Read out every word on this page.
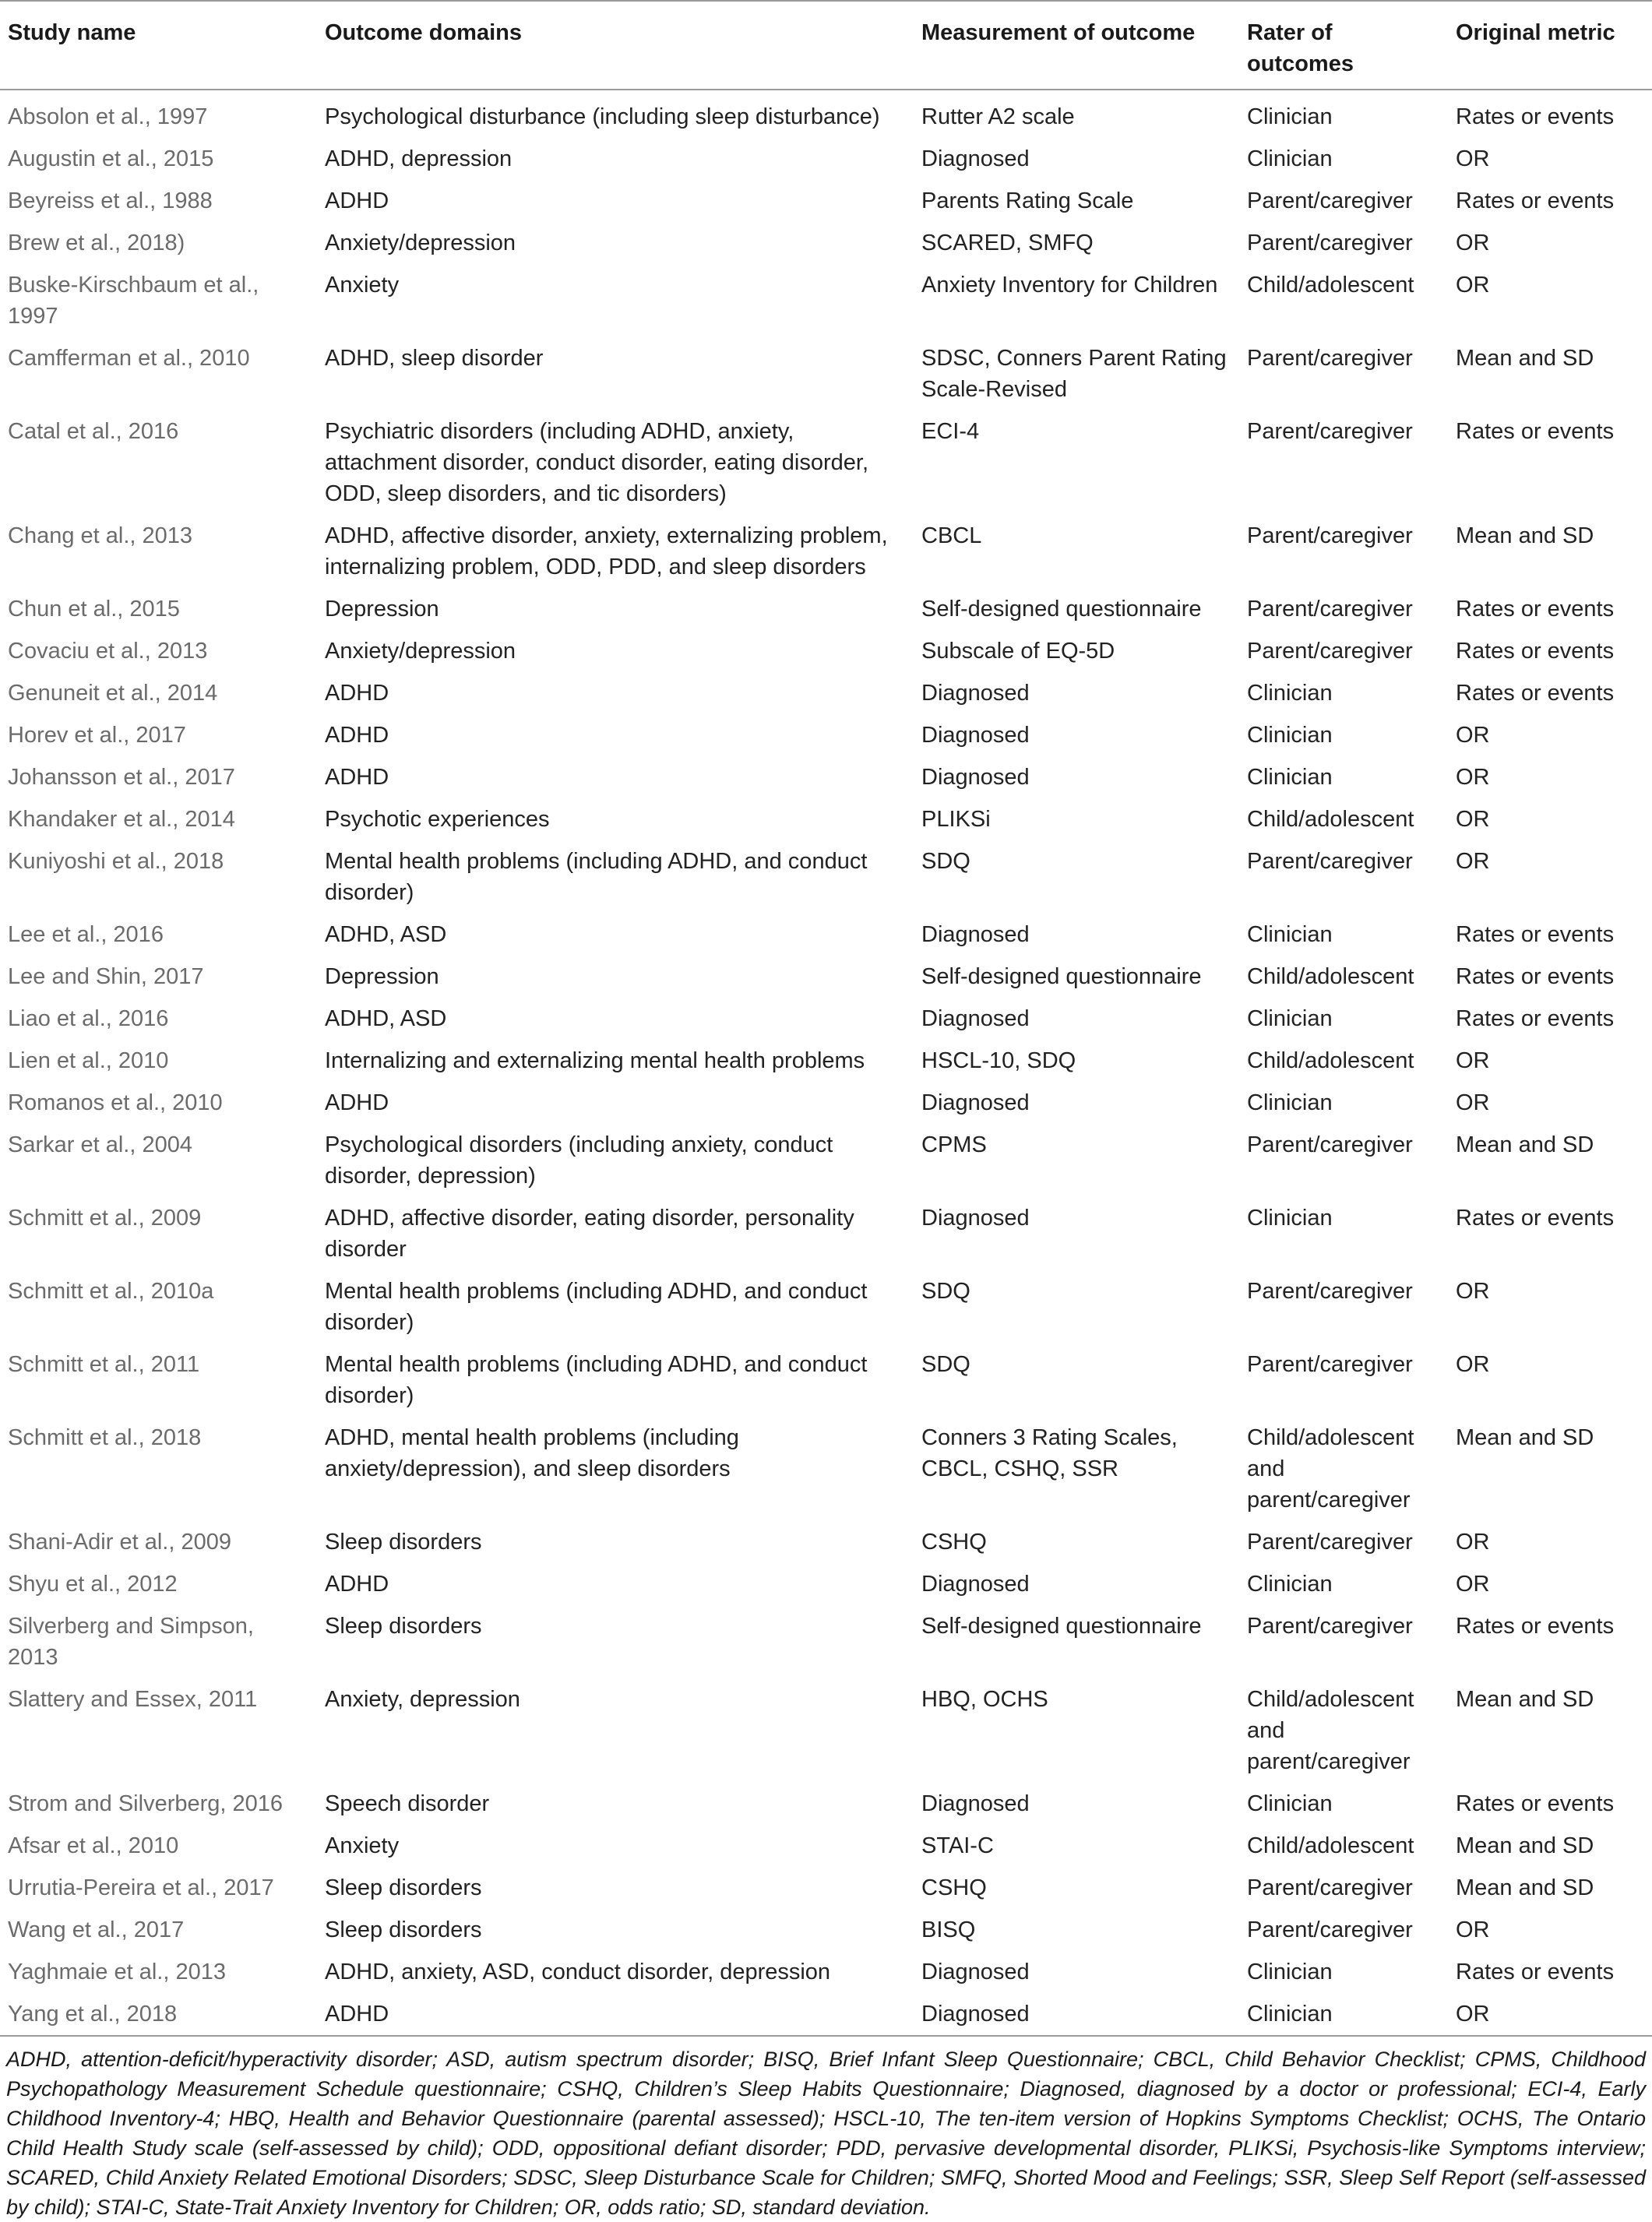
Study name	Outcome domains	Measurement of outcome	Rater of outcomes	Original metric
Absolon et al., 1997	Psychological disturbance (including sleep disturbance)	Rutter A2 scale	Clinician	Rates or events
Augustin et al., 2015	ADHD, depression	Diagnosed	Clinician	OR
Beyreiss et al., 1988	ADHD	Parents Rating Scale	Parent/caregiver	Rates or events
Brew et al., 2018)	Anxiety/depression	SCARED, SMFQ	Parent/caregiver	OR
Buske-Kirschbaum et al., 1997	Anxiety	Anxiety Inventory for Children	Child/adolescent	OR
Camfferman et al., 2010	ADHD, sleep disorder	SDSC, Conners Parent Rating Scale-Revised	Parent/caregiver	Mean and SD
Catal et al., 2016	Psychiatric disorders (including ADHD, anxiety, attachment disorder, conduct disorder, eating disorder, ODD, sleep disorders, and tic disorders)	ECI-4	Parent/caregiver	Rates or events
Chang et al., 2013	ADHD, affective disorder, anxiety, externalizing problem, internalizing problem, ODD, PDD, and sleep disorders	CBCL	Parent/caregiver	Mean and SD
Chun et al., 2015	Depression	Self-designed questionnaire	Parent/caregiver	Rates or events
Covaciu et al., 2013	Anxiety/depression	Subscale of EQ-5D	Parent/caregiver	Rates or events
Genuneit et al., 2014	ADHD	Diagnosed	Clinician	Rates or events
Horev et al., 2017	ADHD	Diagnosed	Clinician	OR
Johansson et al., 2017	ADHD	Diagnosed	Clinician	OR
Khandaker et al., 2014	Psychotic experiences	PLIKSi	Child/adolescent	OR
Kuniyoshi et al., 2018	Mental health problems (including ADHD, and conduct disorder)	SDQ	Parent/caregiver	OR
Lee et al., 2016	ADHD, ASD	Diagnosed	Clinician	Rates or events
Lee and Shin, 2017	Depression	Self-designed questionnaire	Child/adolescent	Rates or events
Liao et al., 2016	ADHD, ASD	Diagnosed	Clinician	Rates or events
Lien et al., 2010	Internalizing and externalizing mental health problems	HSCL-10, SDQ	Child/adolescent	OR
Romanos et al., 2010	ADHD	Diagnosed	Clinician	OR
Sarkar et al., 2004	Psychological disorders (including anxiety, conduct disorder, depression)	CPMS	Parent/caregiver	Mean and SD
Schmitt et al., 2009	ADHD, affective disorder, eating disorder, personality disorder	Diagnosed	Clinician	Rates or events
Schmitt et al., 2010a	Mental health problems (including ADHD, and conduct disorder)	SDQ	Parent/caregiver	OR
Schmitt et al., 2011	Mental health problems (including ADHD, and conduct disorder)	SDQ	Parent/caregiver	OR
Schmitt et al., 2018	ADHD, mental health problems (including anxiety/depression), and sleep disorders	Conners 3 Rating Scales, CBCL, CSHQ, SSR	Child/adolescent and parent/caregiver	Mean and SD
Shani-Adir et al., 2009	Sleep disorders	CSHQ	Parent/caregiver	OR
Shyu et al., 2012	ADHD	Diagnosed	Clinician	OR
Silverberg and Simpson, 2013	Sleep disorders	Self-designed questionnaire	Parent/caregiver	Rates or events
Slattery and Essex, 2011	Anxiety, depression	HBQ, OCHS	Child/adolescent and parent/caregiver	Mean and SD
Strom and Silverberg, 2016	Speech disorder	Diagnosed	Clinician	Rates or events
Afsar et al., 2010	Anxiety	STAI-C	Child/adolescent	Mean and SD
Urrutia-Pereira et al., 2017	Sleep disorders	CSHQ	Parent/caregiver	Mean and SD
Wang et al., 2017	Sleep disorders	BISQ	Parent/caregiver	OR
Yaghmaie et al., 2013	ADHD, anxiety, ASD, conduct disorder, depression	Diagnosed	Clinician	Rates or events
Yang et al., 2018	ADHD	Diagnosed	Clinician	OR
ADHD, attention-deficit/hyperactivity disorder; ASD, autism spectrum disorder; BISQ, Brief Infant Sleep Questionnaire; CBCL, Child Behavior Checklist; CPMS, Childhood Psychopathology Measurement Schedule questionnaire; CSHQ, Children’s Sleep Habits Questionnaire; Diagnosed, diagnosed by a doctor or professional; ECI-4, Early Childhood Inventory-4; HBQ, Health and Behavior Questionnaire (parental assessed); HSCL-10, The ten-item version of Hopkins Symptoms Checklist; OCHS, The Ontario Child Health Study scale (self-assessed by child); ODD, oppositional defiant disorder; PDD, pervasive developmental disorder, PLIKSi, Psychosis-like Symptoms interview; SCARED, Child Anxiety Related Emotional Disorders; SDSC, Sleep Disturbance Scale for Children; SMFQ, Shorted Mood and Feelings; SSR, Sleep Self Report (self-assessed by child); STAI-C, State-Trait Anxiety Inventory for Children; OR, odds ratio; SD, standard deviation.
